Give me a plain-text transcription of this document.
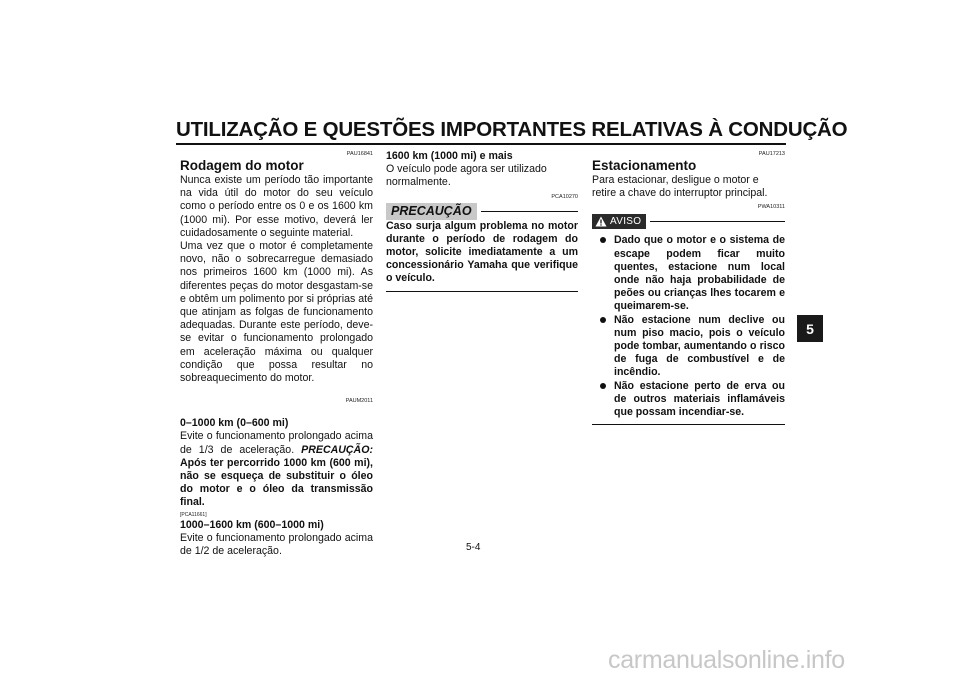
UTILIZAÇÃO E QUESTÕES IMPORTANTES RELATIVAS À CONDUÇÃO
5
PAU16841
Rodagem do motor

Nunca existe um período tão importante na vida útil do motor do seu veículo como o período entre os 0 e os 1600 km (1000 mi). Por esse motivo, deverá ler cuidadosamente o seguinte material.

Uma vez que o motor é completamente novo, não o sobrecarregue demasiado nos primeiros 1600 km (1000 mi). As diferentes peças do motor desgastam-se e obtêm um polimento por si próprias até que atinjam as folgas de funcionamento adequadas. Durante este período, deve-se evitar o funcionamento prolongado em aceleração máxima ou qualquer condição que possa resultar no sobreaquecimento do motor.

PAUM2011

0–1000 km (0–600 mi)

Evite o funcionamento prolongado acima de 1/3 de aceleração. PRECAUÇÃO: Após ter percorrido 1000 km (600 mi), não se esqueça de substituir o óleo do motor e o óleo da transmissão final.

[PCA11661]

1000–1600 km (600–1000 mi)

Evite o funcionamento prolongado acima de 1/2 de aceleração.

1600 km (1000 mi) e mais

O veículo pode agora ser utilizado normalmente.

PCA10270
PRECAUÇÃO

Caso surja algum problema no motor durante o período de rodagem do motor, solicite imediatamente a um concessionário Yamaha que verifique o veículo.

PAU17213
Estacionamento

Para estacionar, desligue o motor e retire a chave do interruptor principal.

PWA10311
AVISO
Dado que o motor e o sistema de escape podem ficar muito quentes, estacione num local onde não haja probabilidade de peões ou crianças lhes tocarem e queimarem-se.
Não estacione num declive ou num piso macio, pois o veículo pode tombar, aumentando o risco de fuga de combustível e de incêndio.
Não estacione perto de erva ou de outros materiais inflamáveis que possam incendiar-se.
5-4
carmanualsonline.info
